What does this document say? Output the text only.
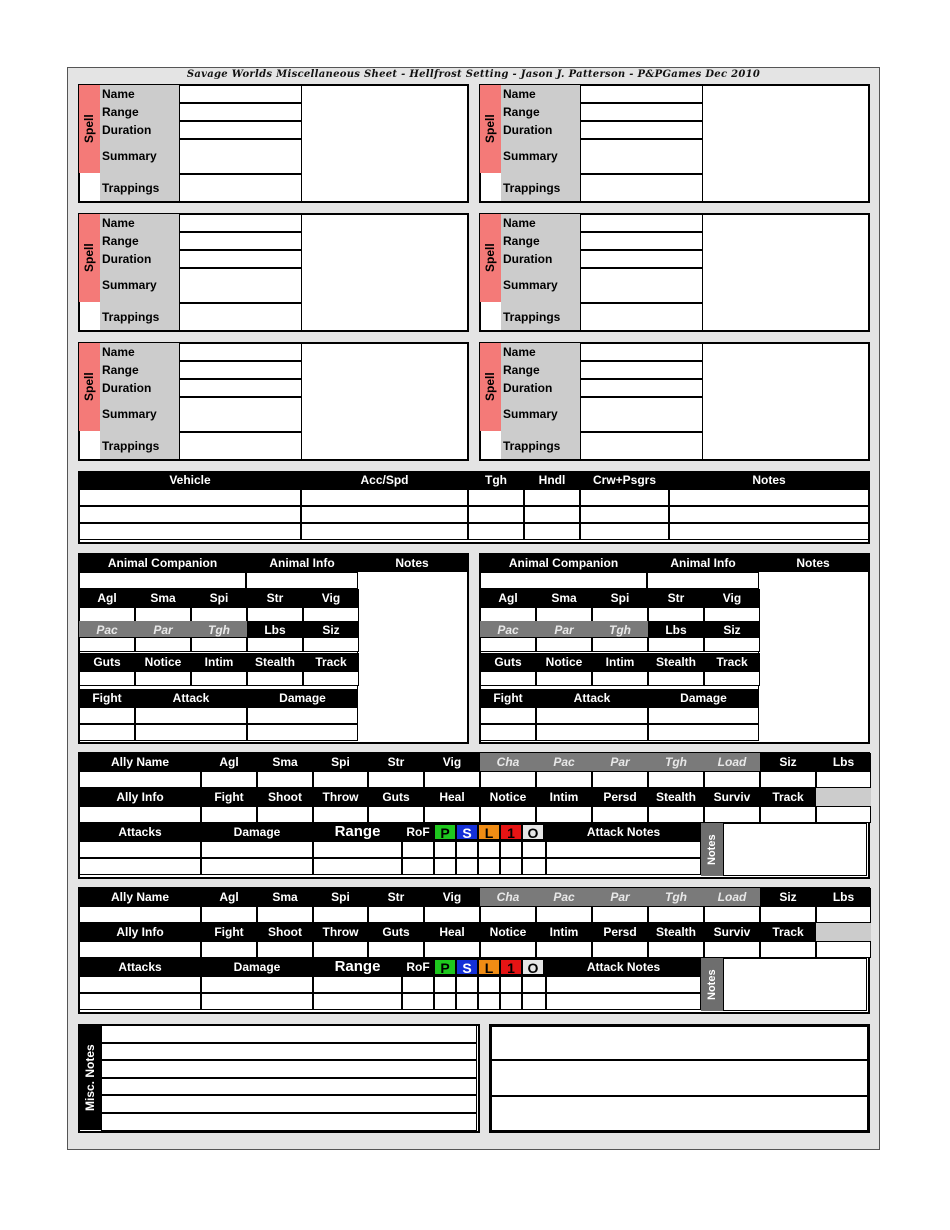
Savage Worlds Miscellaneous Sheet - Hellfrost Setting - Jason J. Patterson - P&PGames Dec 2010
Spell
Name
Range
Duration
Summary
Trappings
Spell
Name
Range
Duration
Summary
Trappings
Spell
Name
Range
Duration
Summary
Trappings
Spell
Name
Range
Duration
Summary
Trappings
Spell
Name
Range
Duration
Summary
Trappings
Spell
Name
Range
Duration
Summary
Trappings
Vehicle	Acc/Spd	Tgh	Hndl	Crw+Psgrs	Notes
Animal Companion	Animal Info	Notes
Agl	Sma	Spi	Str	Vig
Pac	Par	Tgh	Lbs	Siz
Guts	Notice	Intim	Stealth	Track
Fight	Attack	Damage
Animal Companion	Animal Info	Notes
Agl	Sma	Spi	Str	Vig
Pac	Par	Tgh	Lbs	Siz
Guts	Notice	Intim	Stealth	Track
Fight	Attack	Damage
Ally Name	Agl	Sma	Spi	Str	Vig	Cha	Pac	Par	Tgh	Load	Siz	Lbs
Ally Info	Fight	Shoot	Throw	Guts	Heal	Notice	Intim	Persd	Stealth	Surviv	Track
Attacks	Damage	Range	RoF P S L 1 O	Attack Notes
Notes
Ally Name	Agl	Sma	Spi	Str	Vig	Cha	Pac	Par	Tgh	Load	Siz	Lbs
Ally Info	Fight	Shoot	Throw	Guts	Heal	Notice	Intim	Persd	Stealth	Surviv	Track
Attacks	Damage	Range	RoF P S L 1 O	Attack Notes
Notes
Misc. Notes
